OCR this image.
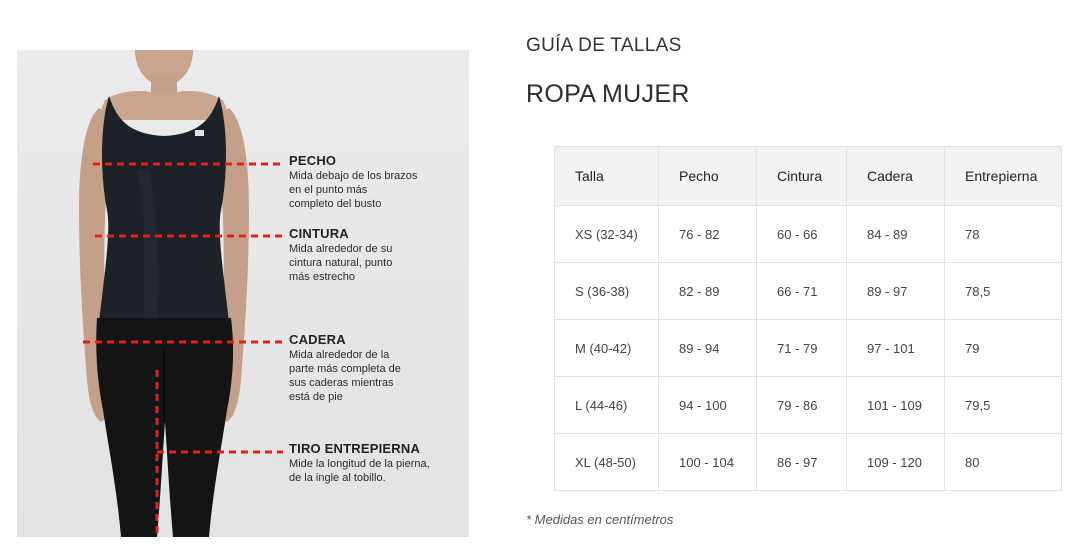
PECHO
Mida debajo de los brazos
en el punto más
completo del busto
CINTURA
Mida alrededor de su
cintura natural, punto
más estrecho
CADERA
Mida alrededor de la
parte más completa de
sus caderas mientras
está de pie
TIRO ENTREPIERNA
Mide la longitud de la pierna,
de la ingle al tobillo.
GUÍA DE TALLAS
ROPA MUJER
Talla	Pecho	Cintura	Cadera	Entrepierna
XS (32-34)	76 - 82	60 - 66	84 - 89	78
S (36-38)	82 - 89	66 - 71	89 - 97	78,5
M (40-42)	89 - 94	71 - 79	97 - 101	79
L (44-46)	94 - 100	79 - 86	101 - 109	79,5
XL (48-50)	100 - 104	86 - 97	109 - 120	80
* Medidas en centímetros
